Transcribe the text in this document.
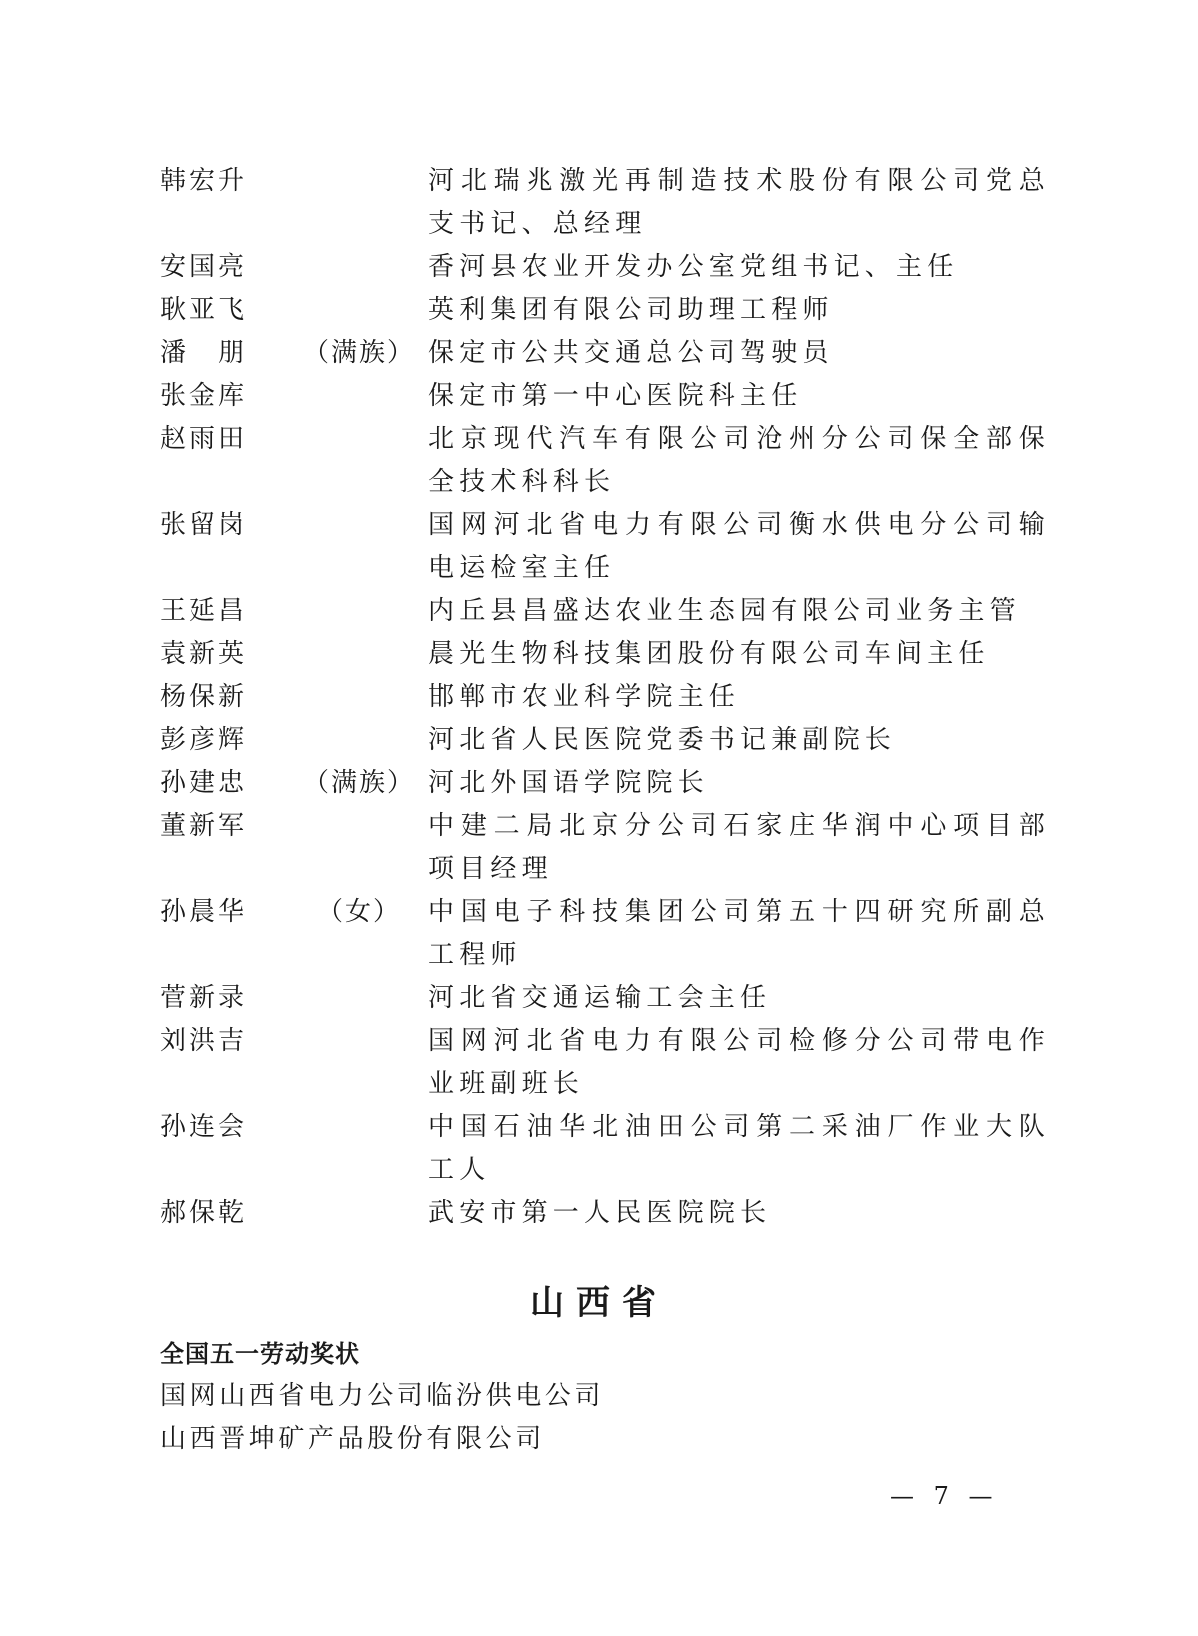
韩宏升	河北瑞兆激光再制造技术股份有限公司党总支书记、总经理
安国亮	香河县农业开发办公室党组书记、主任
耿亚飞	英利集团有限公司助理工程师
潘　朋	（满族） 保定市公共交通总公司驾驶员
张金库	保定市第一中心医院科主任
赵雨田	北京现代汽车有限公司沧州分公司保全部保全技术科科长
张留岗	国网河北省电力有限公司衡水供电分公司输电运检室主任
王延昌	内丘县昌盛达农业生态园有限公司业务主管
袁新英	晨光生物科技集团股份有限公司车间主任
杨保新	邯郸市农业科学院主任
彭彦辉	河北省人民医院党委书记兼副院长
孙建忠	（满族） 河北外国语学院院长
董新军	中建二局北京分公司石家庄华润中心项目部项目经理
孙晨华	（女）	中国电子科技集团公司第五十四研究所副总工程师
菅新录	河北省交通运输工会主任
刘洪吉	国网河北省电力有限公司检修分公司带电作业班副班长
孙连会	中国石油华北油田公司第二采油厂作业大队工人
郝保乾	武安市第一人民医院院长
山西省
全国五一劳动奖状
国网山西省电力公司临汾供电公司
山西晋坤矿产品股份有限公司
— 7 —
